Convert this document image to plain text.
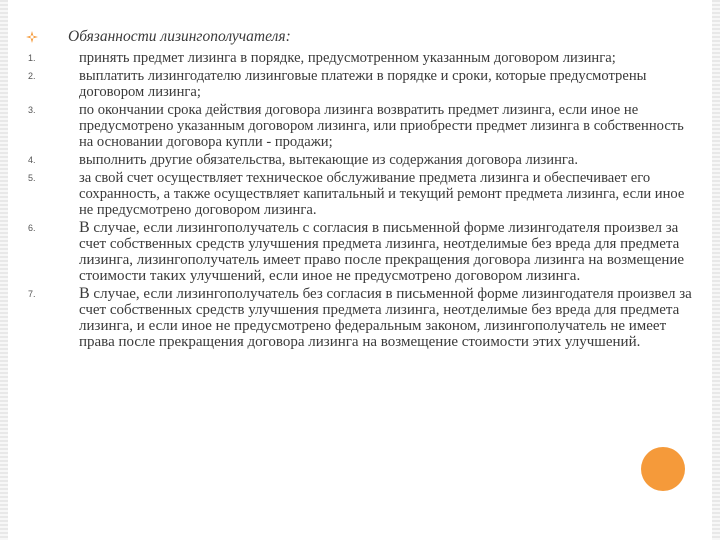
Обязанности лизингополучателя:
1.	принять предмет лизинга в порядке, предусмотренном указанным договором лизинга;
2.	выплатить лизингодателю лизинговые платежи в порядке и сроки, которые предусмотрены договором лизинга;
3.	по окончании срока действия договора лизинга возвратить предмет лизинга, если иное не предусмотрено указанным договором лизинга, или приобрести предмет лизинга в собственность на основании договора купли - продажи;
4.	выполнить другие обязательства, вытекающие из содержания договора лизинга.
5.	за свой счет осуществляет техническое обслуживание предмета лизинга и обеспечивает его сохранность, а также осуществляет капитальный и текущий ремонт предмета лизинга, если иное не предусмотрено договором лизинга.
6.	В случае, если лизингополучатель с согласия в письменной форме лизингодателя произвел за счет собственных средств улучшения предмета лизинга, неотделимые без вреда для предмета лизинга, лизингополучатель имеет право после прекращения договора лизинга на возмещение стоимости таких улучшений, если иное не предусмотрено договором лизинга.
7.	В случае, если лизингополучатель без согласия в письменной форме лизингодателя произвел за счет собственных средств улучшения предмета лизинга, неотделимые без вреда для предмета лизинга, и если иное не предусмотрено федеральным законом, лизингополучатель не имеет права после прекращения договора лизинга на возмещение стоимости этих улучшений.
